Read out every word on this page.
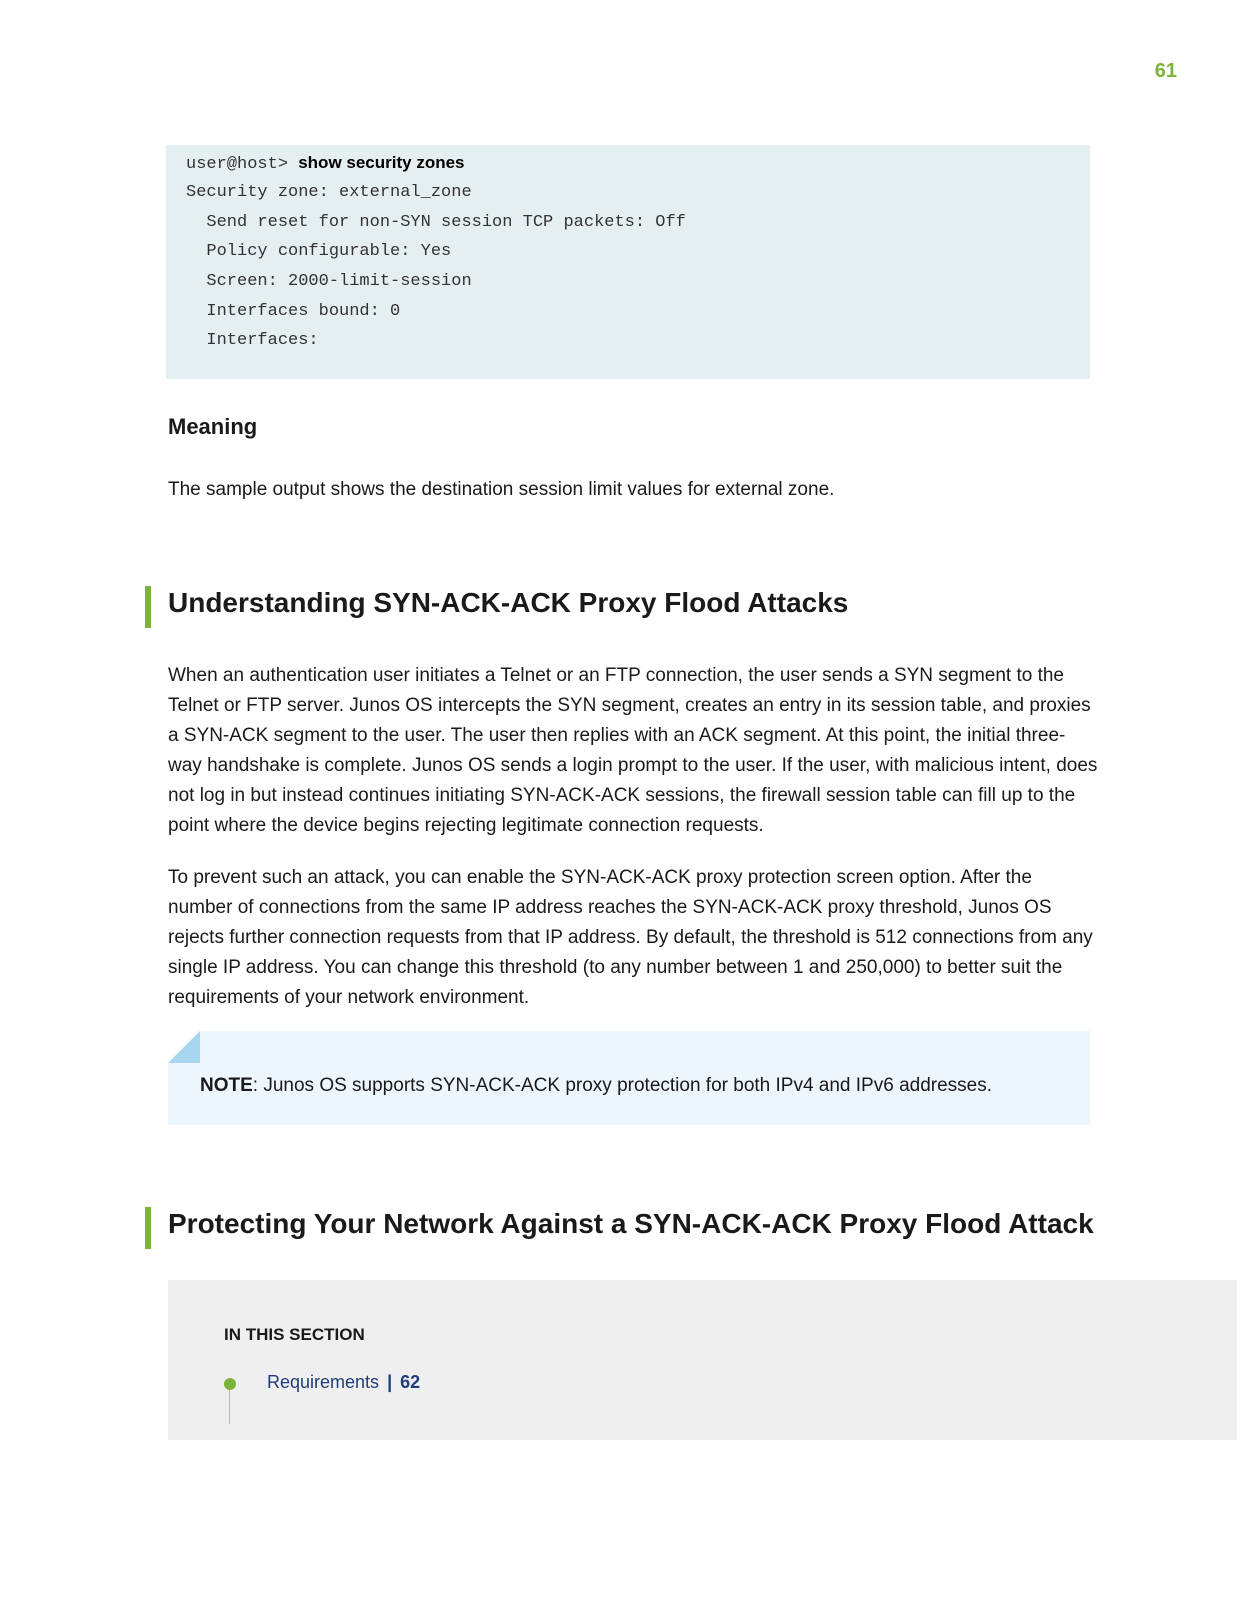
61
user@host> show security zones
Security zone: external_zone
Send reset for non-SYN session TCP packets: Off
Policy configurable: Yes
Screen: 2000-limit-session
Interfaces bound: 0
Interfaces:
Meaning
The sample output shows the destination session limit values for external zone.
Understanding SYN-ACK-ACK Proxy Flood Attacks
When an authentication user initiates a Telnet or an FTP connection, the user sends a SYN segment to the Telnet or FTP server. Junos OS intercepts the SYN segment, creates an entry in its session table, and proxies a SYN-ACK segment to the user. The user then replies with an ACK segment. At this point, the initial three-way handshake is complete. Junos OS sends a login prompt to the user. If the user, with malicious intent, does not log in but instead continues initiating SYN-ACK-ACK sessions, the firewall session table can fill up to the point where the device begins rejecting legitimate connection requests.
To prevent such an attack, you can enable the SYN-ACK-ACK proxy protection screen option. After the number of connections from the same IP address reaches the SYN-ACK-ACK proxy threshold, Junos OS rejects further connection requests from that IP address. By default, the threshold is 512 connections from any single IP address. You can change this threshold (to any number between 1 and 250,000) to better suit the requirements of your network environment.
NOTE: Junos OS supports SYN-ACK-ACK proxy protection for both IPv4 and IPv6 addresses.
Protecting Your Network Against a SYN-ACK-ACK Proxy Flood Attack
IN THIS SECTION
Requirements | 62
